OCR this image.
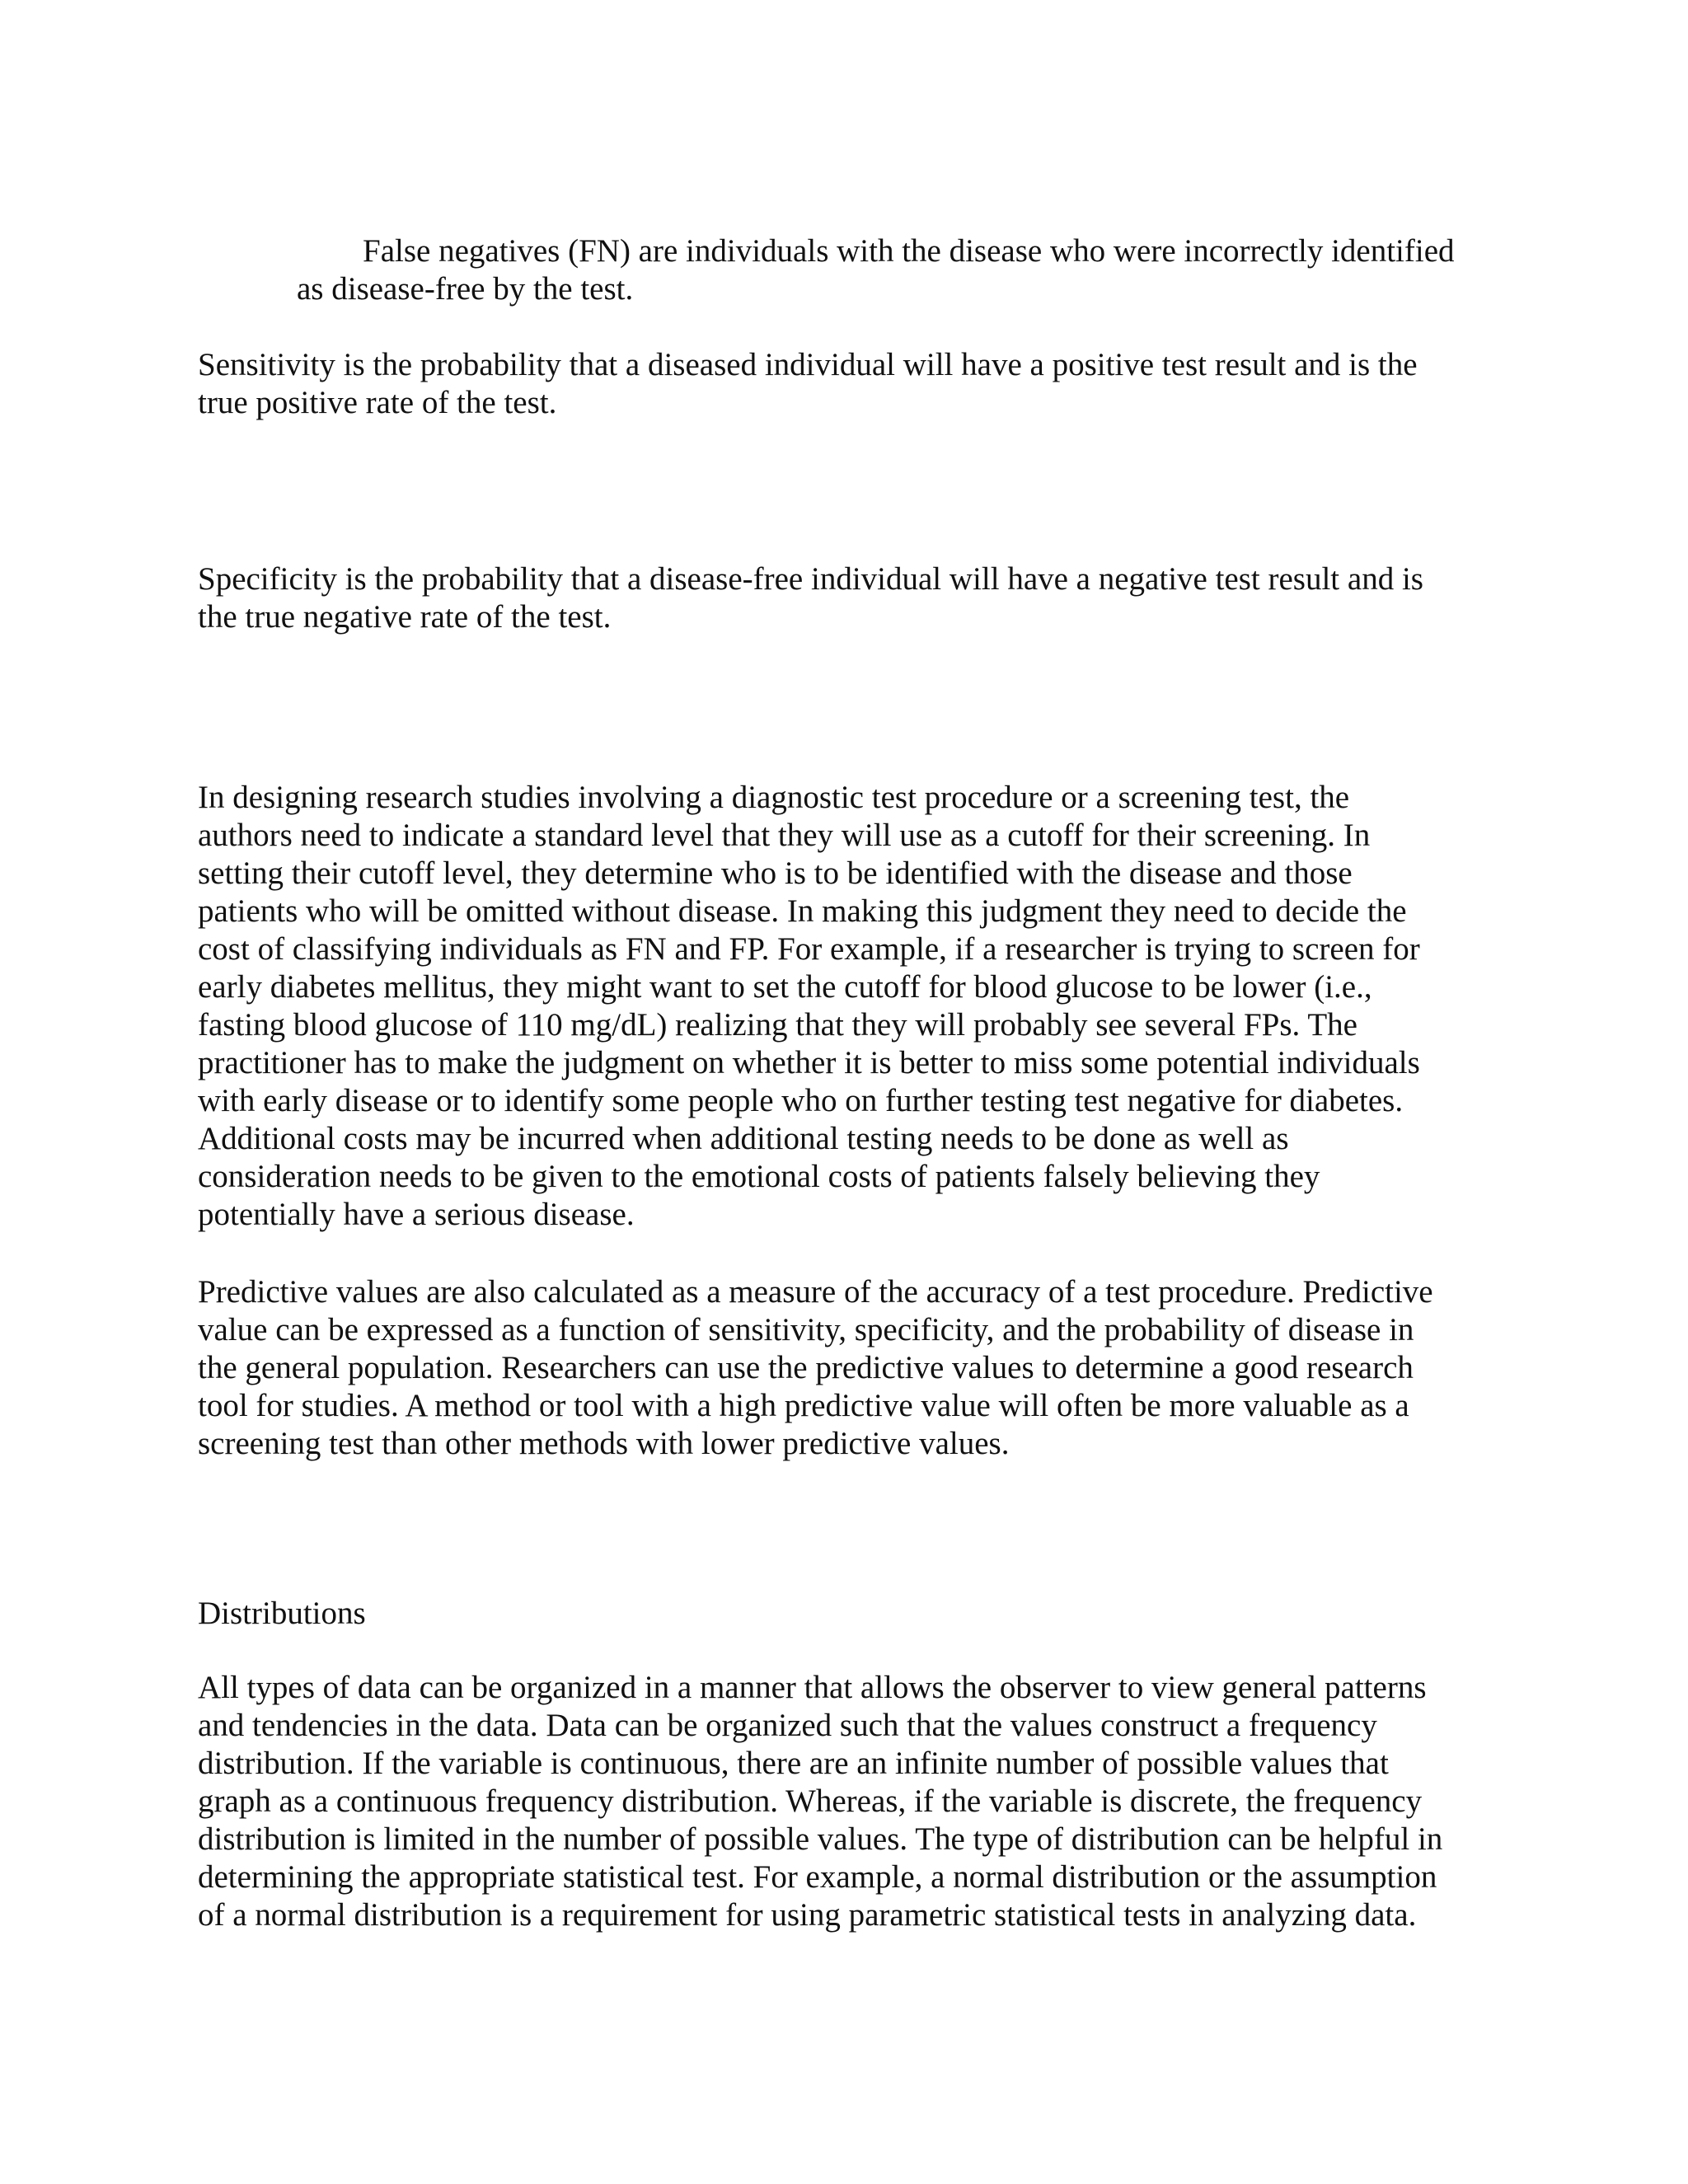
False negatives (FN) are individuals with the disease who were incorrectly identified
as disease-free by the test.

Sensitivity is the probability that a diseased individual will have a positive test result and is the
true positive rate of the test.

Specificity is the probability that a disease-free individual will have a negative test result and is
the true negative rate of the test.

In designing research studies involving a diagnostic test procedure or a screening test, the
authors need to indicate a standard level that they will use as a cutoff for their screening. In
setting their cutoff level, they determine who is to be identified with the disease and those
patients who will be omitted without disease. In making this judgment they need to decide the
cost of classifying individuals as FN and FP. For example, if a researcher is trying to screen for
early diabetes mellitus, they might want to set the cutoff for blood glucose to be lower (i.e.,
fasting blood glucose of 110 mg/dL) realizing that they will probably see several FPs. The
practitioner has to make the judgment on whether it is better to miss some potential individuals
with early disease or to identify some people who on further testing test negative for diabetes.
Additional costs may be incurred when additional testing needs to be done as well as
consideration needs to be given to the emotional costs of patients falsely believing they
potentially have a serious disease.

Predictive values are also calculated as a measure of the accuracy of a test procedure. Predictive
value can be expressed as a function of sensitivity, specificity, and the probability of disease in
the general population. Researchers can use the predictive values to determine a good research
tool for studies. A method or tool with a high predictive value will often be more valuable as a
screening test than other methods with lower predictive values.

Distributions

All types of data can be organized in a manner that allows the observer to view general patterns
and tendencies in the data. Data can be organized such that the values construct a frequency
distribution. If the variable is continuous, there are an infinite number of possible values that
graph as a continuous frequency distribution. Whereas, if the variable is discrete, the frequency
distribution is limited in the number of possible values. The type of distribution can be helpful in
determining the appropriate statistical test. For example, a normal distribution or the assumption
of a normal distribution is a requirement for using parametric statistical tests in analyzing data.
